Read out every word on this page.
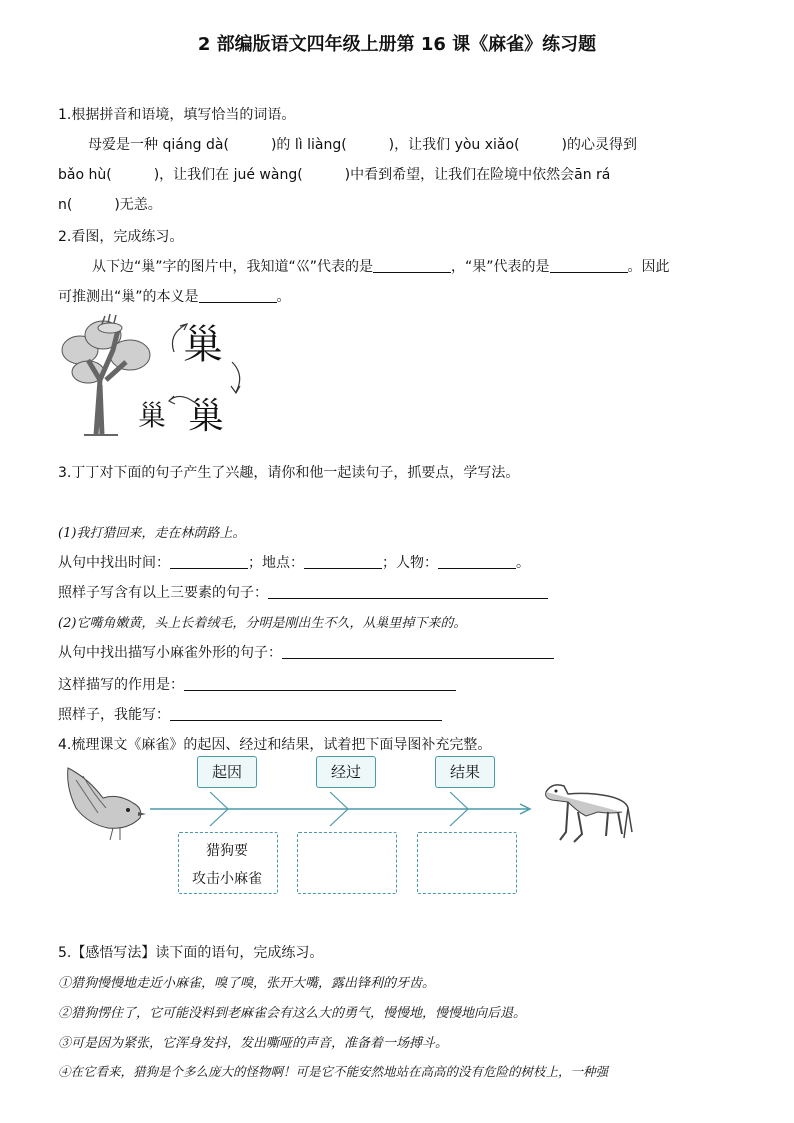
2 部编版语文四年级上册第 16 课《麻雀》练习题
1.根据拼音和语境，填写恰当的词语。
母爱是一种 qiáng dà(　　　)的 lì liàng(　　　)，让我们 yòu xiǎo(　　　)的心灵得到
bǎo hù(　　　)，让我们在 jué wàng(　　　)中看到希望，让我们在险境中依然会ān rá
n(　　　)无恙。
2.看图，完成练习。
从下边“巢”字的图片中，我知道“巛”代表的是	，“果”代表的是	。因此
可推测出“巢”的本义是	。
巢
巢
巢
3.丁丁对下面的句子产生了兴趣，请你和他一起读句子，抓要点，学写法。
(1)我打猎回来，走在林荫路上。
从句中找出时间：	；地点：	；人物：	。
照样子写含有以上三要素的句子：
(2)它嘴角嫩黄，头上长着绒毛，分明是刚出生不久，从巢里掉下来的。
从句中找出描写小麻雀外形的句子：
这样描写的作用是：
照样子，我能写：
4.梳理课文《麻雀》的起因、经过和结果，试着把下面导图补充完整。
起因	经过	结果
猎狗要
攻击小麻雀
5.【感悟写法】读下面的语句，完成练习。
①猎狗慢慢地走近小麻雀，嗅了嗅，张开大嘴，露出锋利的牙齿。
②猎狗愣住了，它可能没料到老麻雀会有这么大的勇气，慢慢地，慢慢地向后退。
③可是因为紧张，它浑身发抖，发出嘶哑的声音，准备着一场搏斗。
④在它看来，猎狗是个多么庞大的怪物啊！可是它不能安然地站在高高的没有危险的树枝上，一种强
